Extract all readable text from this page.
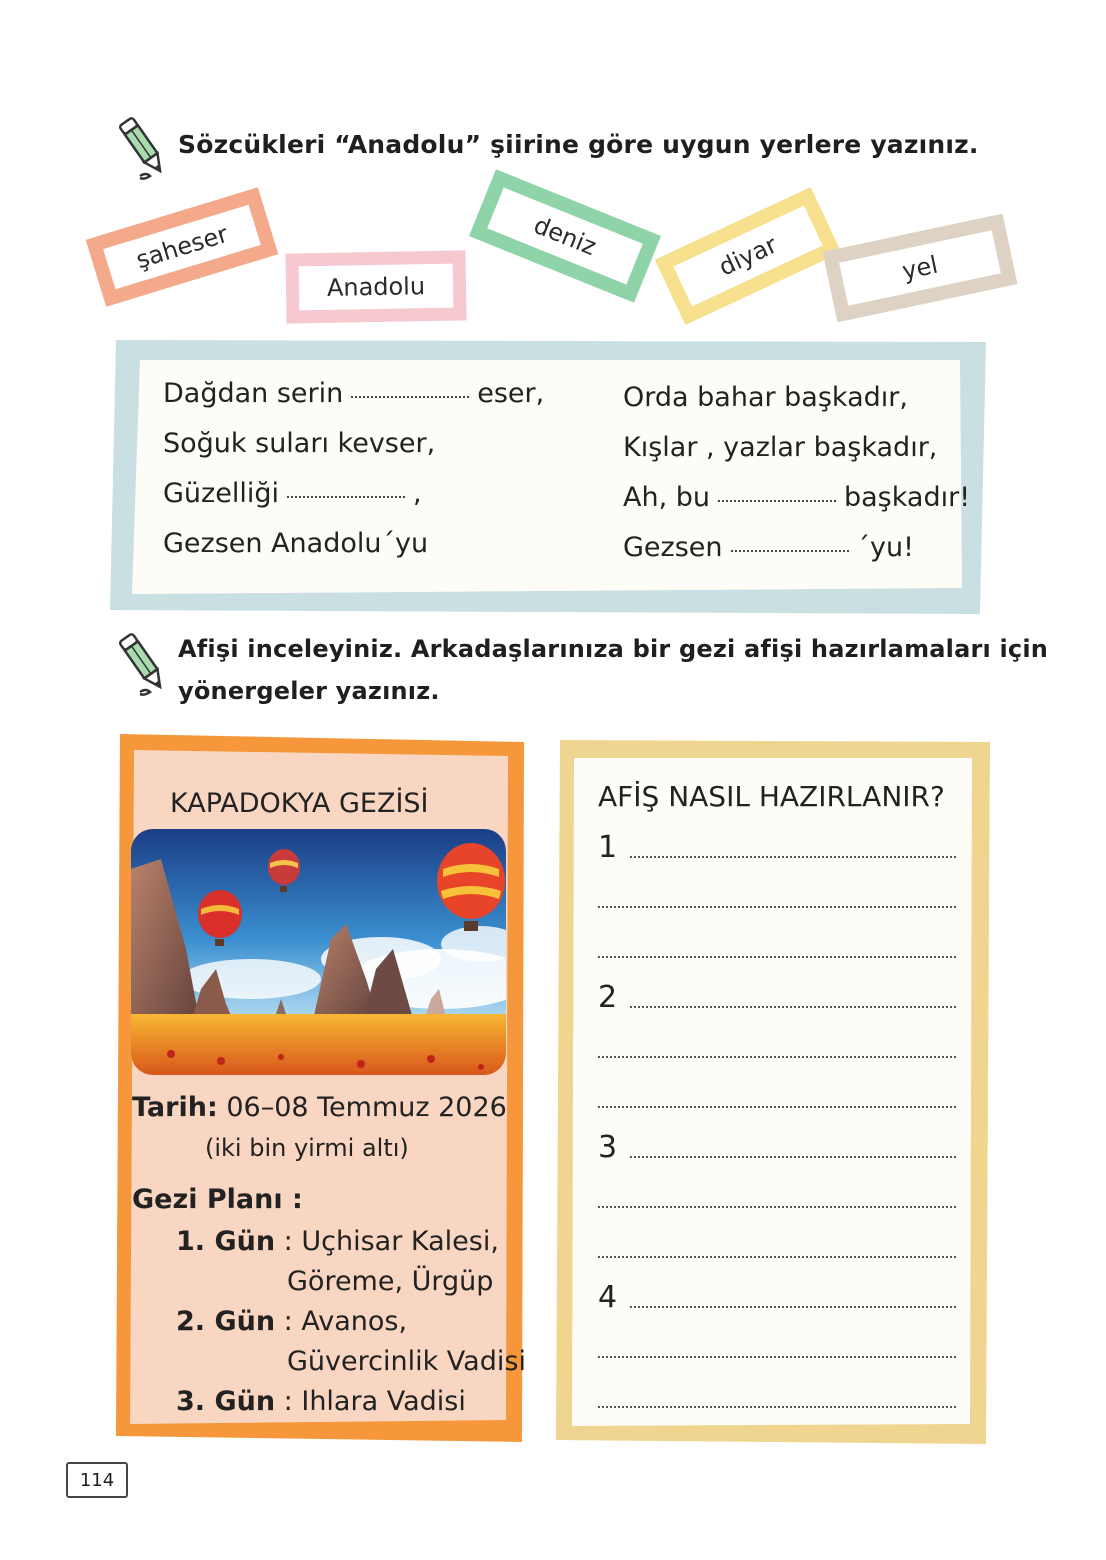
Sözcükleri “Anadolu” şiirine göre uygun yerlere yazınız.
şaheser
Anadolu
deniz	diyar	yel
Dağdan serin	eser,
Soğuk suları kevser,
Güzelliği	,
Gezsen Anadolu´yu
Orda bahar başkadır,
Kışlar , yazlar başkadır,
Ah, bu	başkadır!
Gezsen	´yu!
Afişi inceleyiniz. Arkadaşlarınıza bir gezi afişi hazırlamaları için
yönergeler yazınız.
KAPADOKYA GEZİSİ
Tarih: 06–08 Temmuz 2026
(iki bin yirmi altı)
Gezi Planı :
1. Gün : Uçhisar Kalesi,
Göreme, Ürgüp
2. Gün : Avanos,
Güvercinlik Vadisi
3. Gün : Ihlara Vadisi
AFİŞ NASIL HAZIRLANIR?
1
2
3
4
114
